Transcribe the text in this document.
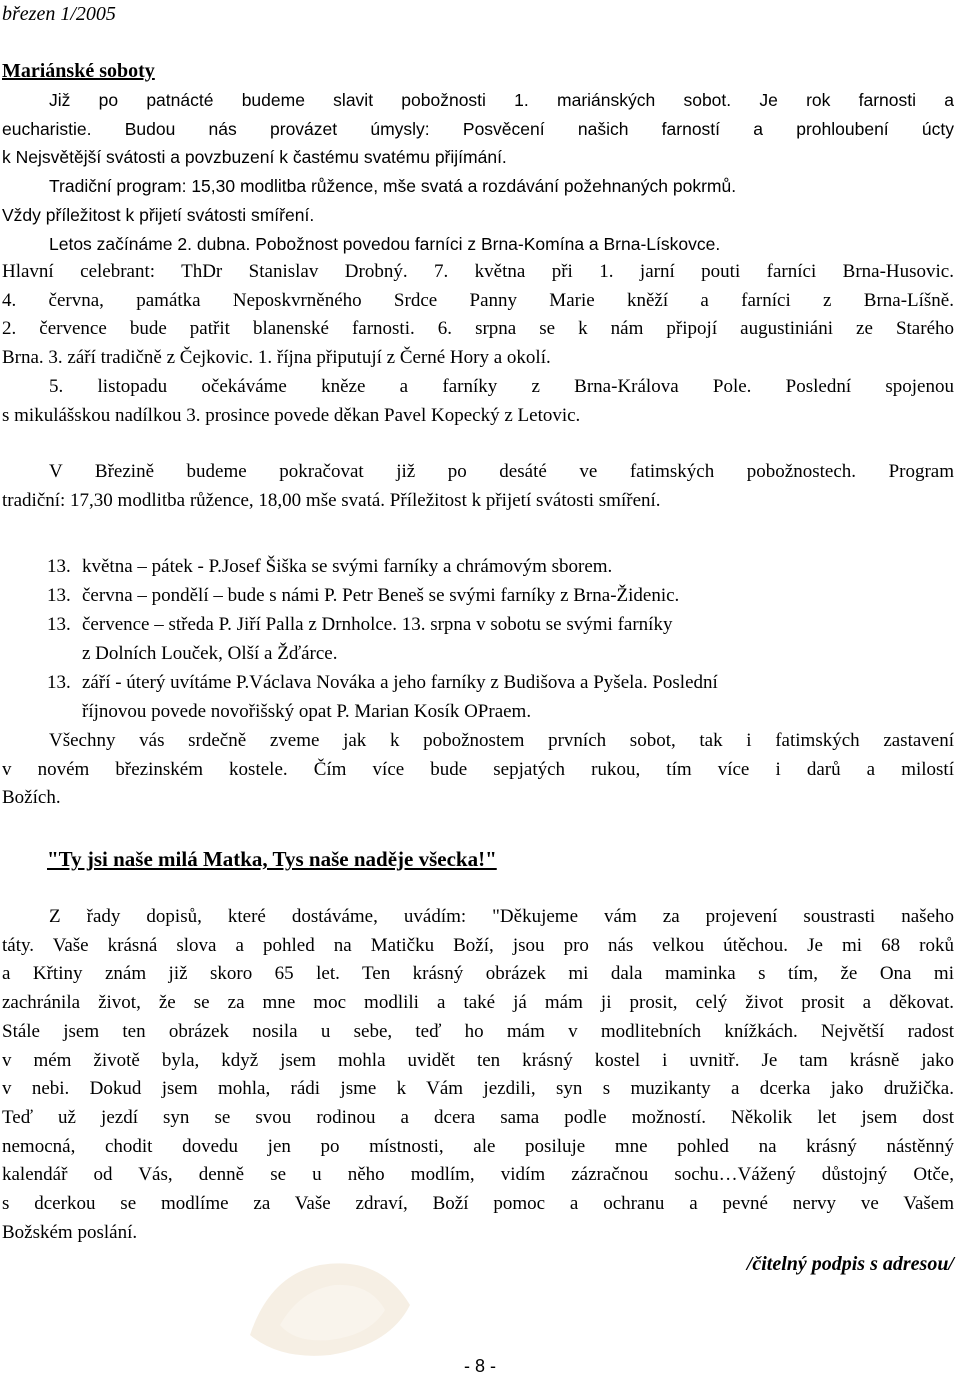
březen 1/2005
Mariánské soboty
Již po patnácté budeme slavit pobožnosti 1. mariánských sobot. Je rok farnosti a
eucharistie. Budou nás provázet úmysly: Posvěcení našich farností a prohloubení úcty
k Nejsvětější svátosti a povzbuzení k častému svatému přijímání.
Tradiční program: 15,30 modlitba růžence, mše svatá a rozdávání požehnaných pokrmů.
Vždy příležitost k přijetí svátosti smíření.
Letos začínáme 2. dubna. Pobožnost povedou farníci z Brna-Komína a Brna-Lískovce.
Hlavní celebrant: ThDr Stanislav Drobný. 7. května při 1. jarní pouti farníci Brna-Husovic.
4. června, památka Neposkvrněného Srdce Panny Marie kněží a farníci z Brna-Líšně.
2. července bude patřit blanenské farnosti. 6. srpna se k nám připojí augustiniáni ze Starého
Brna. 3. září tradičně z Čejkovic. 1. října připutují z Černé Hory a okolí.
5. listopadu očekáváme kněze a farníky z Brna-Králova Pole. Poslední spojenou
s mikulášskou nadílkou 3. prosince povede děkan Pavel Kopecký z Letovic.
V Březině budeme pokračovat již po desáté ve fatimských pobožnostech. Program
tradiční: 17,30 modlitba růžence, 18,00 mše svatá. Příležitost k přijetí svátosti smíření.
13. května – pátek - P.Josef Šiška se svými farníky a chrámovým sborem.
13. června – pondělí – bude s námi P. Petr Beneš se svými farníky z Brna-Židenic.
13. července – středa P. Jiří Palla z Drnholce. 13. srpna v sobotu se svými farníky
z Dolních Louček, Olší a Žďárce.
13. září - úterý uvítáme P.Václava Nováka a jeho farníky z Budišova a Pyšela. Poslední
říjnovou povede novořišský opat P. Marian Kosík OPraem.
Všechny vás srdečně zveme jak k pobožnostem prvních sobot, tak i fatimských zastavení
v novém březinském kostele. Čím více bude sepjatých rukou, tím více i darů a milostí
Božích.
"Ty jsi naše milá Matka, Tys naše naděje všecka!"
Z řady dopisů, které dostáváme, uvádím: "Děkujeme vám za projevení soustrasti našeho
táty. Vaše krásná slova a pohled na Matičku Boží, jsou pro nás velkou útěchou. Je mi 68 roků
a Křtiny znám již skoro 65 let. Ten krásný obrázek mi dala maminka s tím, že Ona mi
zachránila život, že se za mne moc modlili a také já mám ji prosit, celý život prosit a děkovat.
Stále jsem ten obrázek nosila u sebe, teď ho mám v modlitebních knížkách. Největší radost
v mém životě byla, když jsem mohla uvidět ten krásný kostel i uvnitř. Je tam krásně jako
v nebi. Dokud jsem mohla, rádi jsme k Vám jezdili, syn s muzikanty a dcerka jako družička.
Teď už jezdí syn se svou rodinou a dcera sama podle možností. Několik let jsem dost
nemocná, chodit dovedu jen po místnosti, ale posiluje mne pohled na krásný nástěnný
kalendář od Vás, denně se u něho modlím, vidím zázračnou sochu…Vážený důstojný Otče,
s dcerkou se modlíme za Vaše zdraví, Boží pomoc a ochranu a pevné nervy ve Vašem
Božském poslání.
/čitelný podpis s adresou/
- 8 -
